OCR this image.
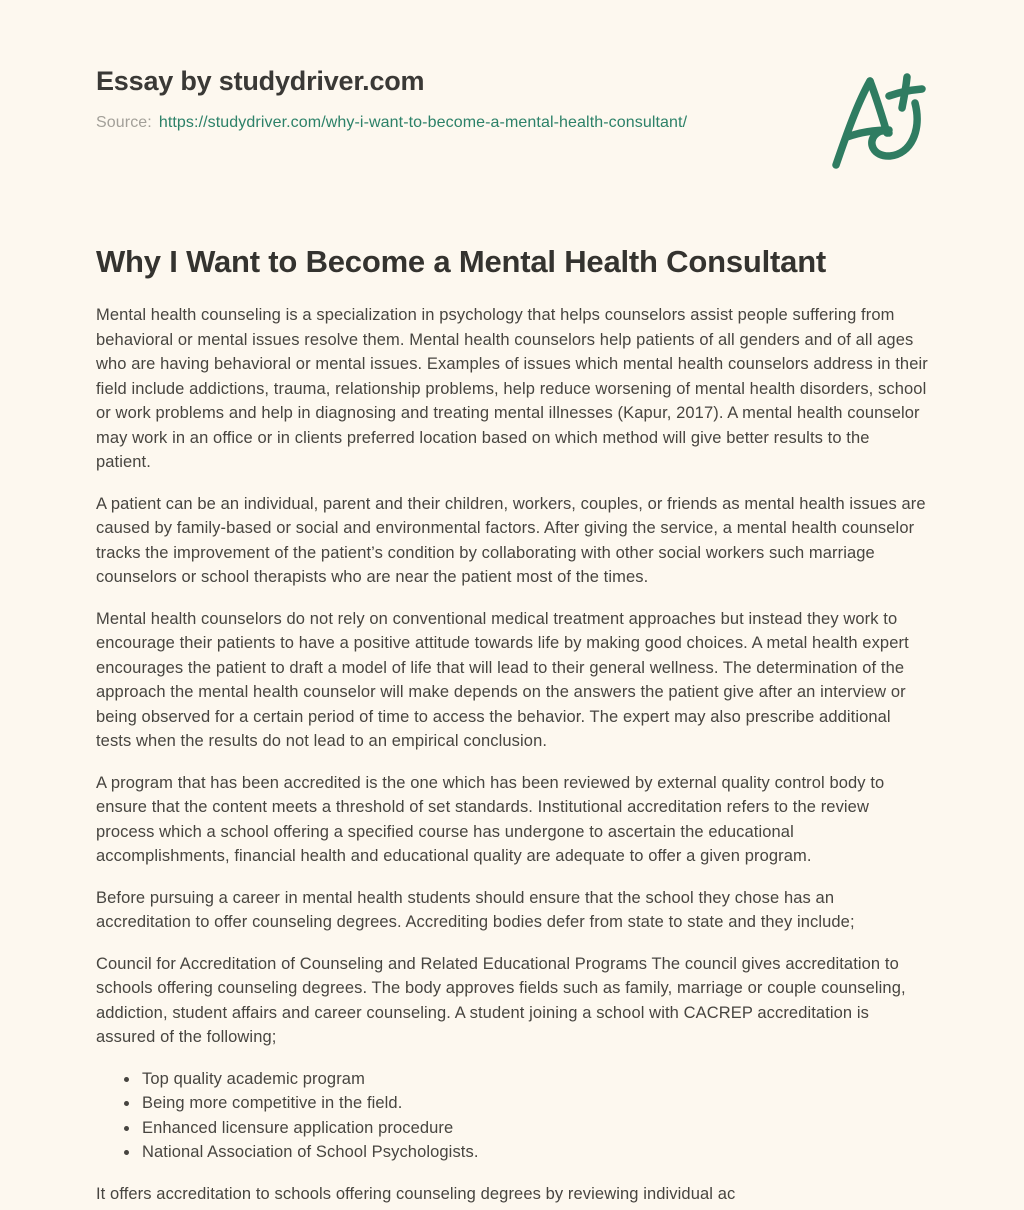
Essay by studydriver.com
Source: https://studydriver.com/why-i-want-to-become-a-mental-health-consultant/
Why I Want to Become a Mental Health Consultant

Mental health counseling is a specialization in psychology that helps counselors assist people suffering from behavioral or mental issues resolve them. Mental health counselors help patients of all genders and of all ages who are having behavioral or mental issues. Examples of issues which mental health counselors address in their field include addictions, trauma, relationship problems, help reduce worsening of mental health disorders, school or work problems and help in diagnosing and treating mental illnesses (Kapur, 2017). A mental health counselor may work in an office or in clients preferred location based on which method will give better results to the patient.

A patient can be an individual, parent and their children, workers, couples, or friends as mental health issues are caused by family-based or social and environmental factors. After giving the service, a mental health counselor tracks the improvement of the patient’s condition by collaborating with other social workers such marriage counselors or school therapists who are near the patient most of the times.

Mental health counselors do not rely on conventional medical treatment approaches but instead they work to encourage their patients to have a positive attitude towards life by making good choices. A metal health expert encourages the patient to draft a model of life that will lead to their general wellness. The determination of the approach the mental health counselor will make depends on the answers the patient give after an interview or being observed for a certain period of time to access the behavior. The expert may also prescribe additional tests when the results do not lead to an empirical conclusion.

A program that has been accredited is the one which has been reviewed by external quality control body to ensure that the content meets a threshold of set standards. Institutional accreditation refers to the review process which a school offering a specified course has undergone to ascertain the educational accomplishments, financial health and educational quality are adequate to offer a given program.

Before pursuing a career in mental health students should ensure that the school they chose has an accreditation to offer counseling degrees. Accrediting bodies defer from state to state and they include;

Council for Accreditation of Counseling and Related Educational Programs The council gives accreditation to schools offering counseling degrees. The body approves fields such as family, marriage or couple counseling, addiction, student affairs and career counseling. A student joining a school with CACREP accreditation is assured of the following;

• Top quality academic program
• Being more competitive in the field.
• Enhanced licensure application procedure
• National Association of School Psychologists.

It offers accreditation to schools offering counseling degrees by reviewing individual ac
